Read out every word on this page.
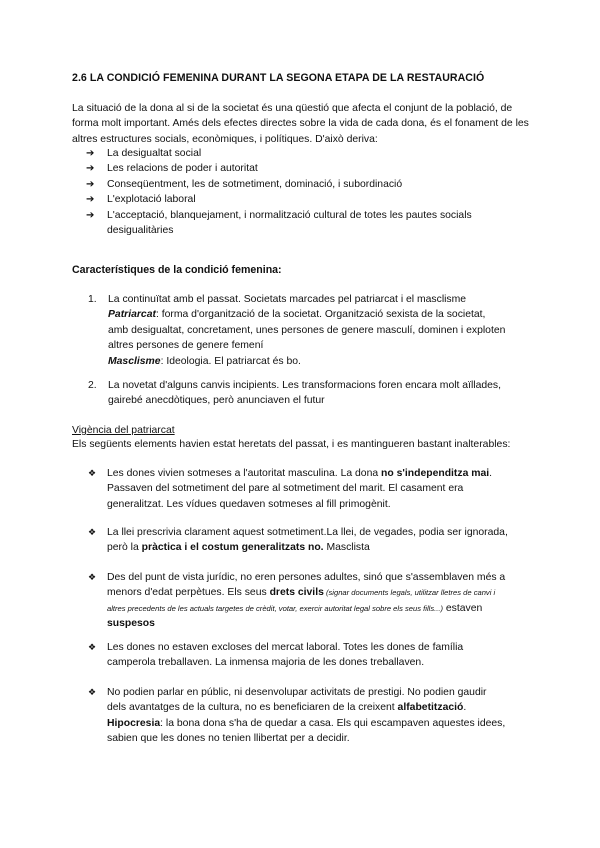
2.6 LA CONDICIÓ FEMENINA DURANT LA SEGONA ETAPA DE LA RESTAURACIÓ

La situació de la dona al si de la societat és una qüestió que afecta el conjunt de la població, de forma molt important. Amés dels efectes directes sobre la vida de cada dona, és el fonament de les altres estructures socials, econòmiques, i polítiques. D'això deriva:

➔ La desigualtat social
➔ Les relacions de poder i autoritat
➔ Conseqüentment, les de sotmetiment, dominació, i subordinació
➔ L'explotació laboral
➔ L'acceptació, blanquejament, i normalització cultural de totes les pautes socials desigualitàries
Característiques de la condició femenina:
1. La continuïtat amb el passat. Societats marcades pel patriarcat i el masclisme
Patriarcat: forma d'organització de la societat. Organització sexista de la societat, amb desigualtat, concretament, unes persones de genere masculí, dominen i exploten altres persones de genere femení
Masclisme: Ideologia. El patriarcat és bo.
2. La novetat d'alguns canvis incipients. Les transformacions foren encara molt aïllades, gairebé anecdòtiques, però anunciaven el futur

Vigència del patriarcat

Els següents elements havien estat heretats del passat, i es mantingueren bastant inalterables:

❖ Les dones vivien sotmeses a l'autoritat masculina. La dona no s'independitza mai. Passaven del sotmetiment del pare al sotmetiment del marit. El casament era generalitzat. Les vídues quedaven sotmeses al fill primogènit.
❖ La llei prescrivia clarament aquest sotmetiment.La llei, de vegades, podia ser ignorada, però la pràctica i el costum generalitzats no. Masclista
❖ Des del punt de vista jurídic, no eren persones adultes, sinó que s'assemblaven més a menors d'edat perpètues. Els seus drets civils (signar documents legals, utilitzar lletres de canvi i altres precedents de les actuals targetes de crèdit, votar, exercir autoritat legal sobre els seus fills...) estaven suspesos
❖ Les dones no estaven excloses del mercat laboral. Totes les dones de família camperola treballaven. La inmensa majoria de les dones treballaven.
❖ No podien parlar en públic, ni desenvolupar activitats de prestigi. No podien gaudir dels avantatges de la cultura, no es beneficiaren de la creixent alfabetització. Hipocresia: la bona dona s'ha de quedar a casa. Els qui escampaven aquestes idees, sabien que les dones no tenien llibertat per a decidir.
